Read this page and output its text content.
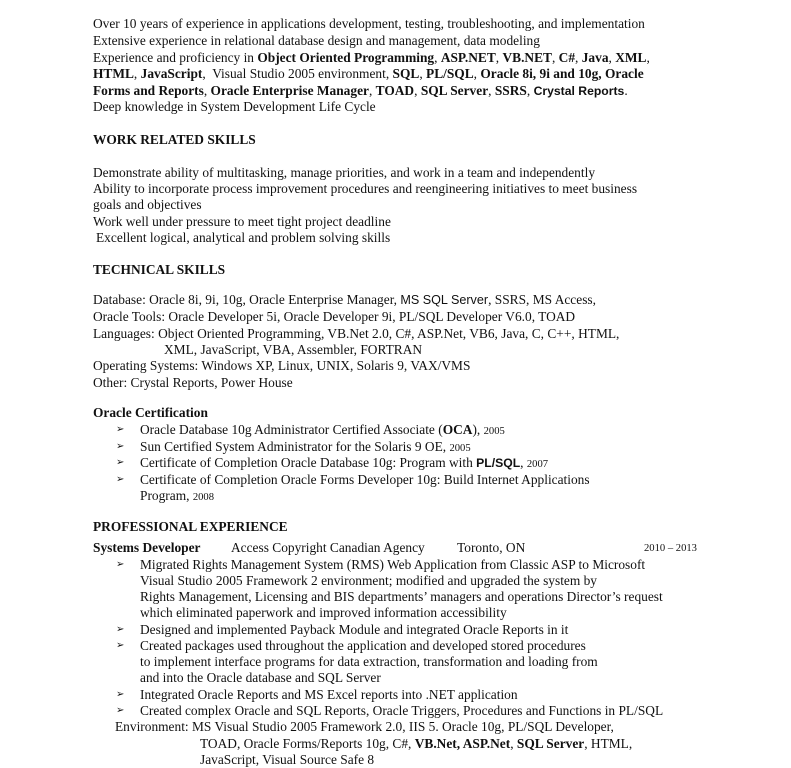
Over 10 years of experience in applications development, testing, troubleshooting, and implementation
Extensive experience in relational database design and management, data modeling
Experience and proficiency in Object Oriented Programming, ASP.NET, VB.NET, C#, Java, XML,
HTML, JavaScript,  Visual Studio 2005 environment, SQL, PL/SQL, Oracle 8i, 9i and 10g, Oracle
Forms and Reports, Oracle Enterprise Manager, TOAD, SQL Server, SSRS, Crystal Reports.
Deep knowledge in System Development Life Cycle
WORK RELATED SKILLS
Demonstrate ability of multitasking, manage priorities, and work in a team and independently
Ability to incorporate process improvement procedures and reengineering initiatives to meet business
goals and objectives
Work well under pressure to meet tight project deadline
Excellent logical, analytical and problem solving skills
TECHNICAL SKILLS
Database: Oracle 8i, 9i, 10g, Oracle Enterprise Manager, MS SQL Server, SSRS, MS Access,
Oracle Tools: Oracle Developer 5i, Oracle Developer 9i, PL/SQL Developer V6.0, TOAD
Languages: Object Oriented Programming, VB.Net 2.0, C#, ASP.Net, VB6, Java, C, C++, HTML,
XML, JavaScript, VBA, Assembler, FORTRAN
Operating Systems: Windows XP, Linux, UNIX, Solaris 9, VAX/VMS
Other: Crystal Reports, Power House
Oracle Certification
➢ Oracle Database 10g Administrator Certified Associate (OCA), 2005
➢ Sun Certified System Administrator for the Solaris 9 OE, 2005
➢ Certificate of Completion Oracle Database 10g: Program with PL/SQL, 2007
➢ Certificate of Completion Oracle Forms Developer 10g: Build Internet Applications
Program, 2008
PROFESSIONAL EXPERIENCE
Systems Developer Access Copyright Canadian Agency Toronto, ON	2010 – 2013
➢ Migrated Rights Management System (RMS) Web Application from Classic ASP to Microsoft
Visual Studio 2005 Framework 2 environment; modified and upgraded the system by
Rights Management, Licensing and BIS departments’ managers and operations Director’s request
which eliminated paperwork and improved information accessibility
➢ Designed and implemented Payback Module and integrated Oracle Reports in it
➢ Created packages used throughout the application and developed stored procedures
to implement interface programs for data extraction, transformation and loading from
and into the Oracle database and SQL Server
➢ Integrated Oracle Reports and MS Excel reports into .NET application
➢ Created complex Oracle and SQL Reports, Oracle Triggers, Procedures and Functions in PL/SQL
Environment: MS Visual Studio 2005 Framework 2.0, IIS 5. Oracle 10g, PL/SQL Developer,
TOAD, Oracle Forms/Reports 10g, C#, VB.Net, ASP.Net, SQL Server, HTML,
JavaScript, Visual Source Safe 8
